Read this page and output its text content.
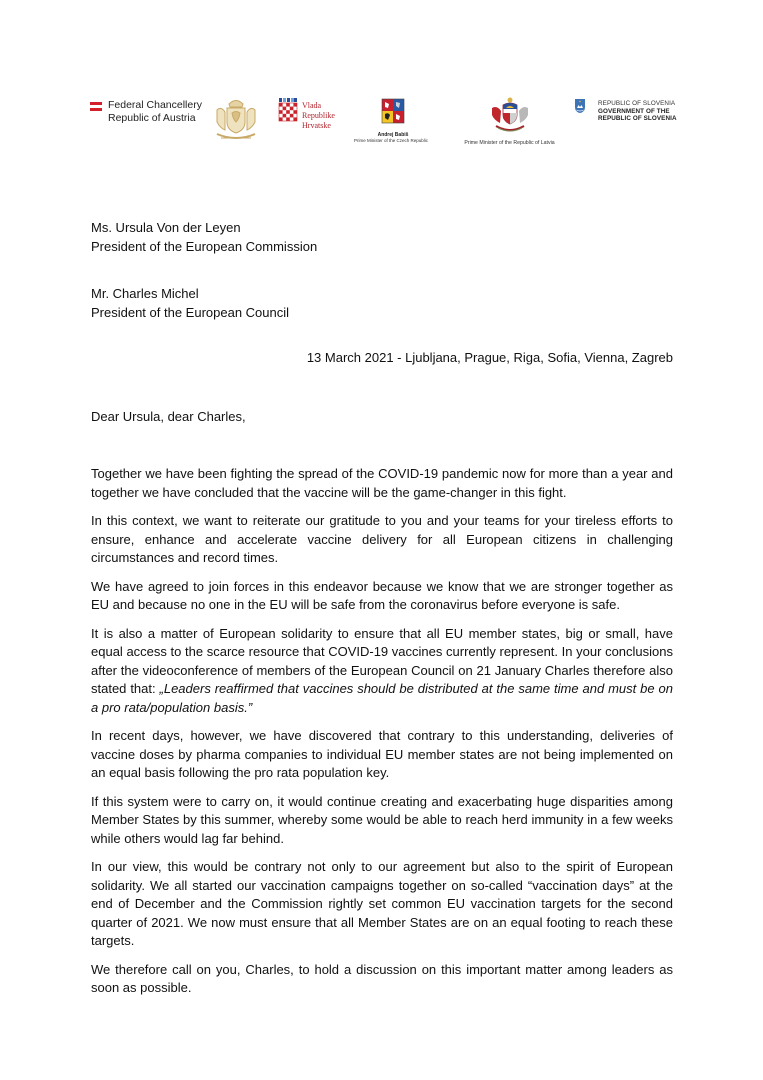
Federal Chancellery
Republic of Austria
Vlada
Republike
Hrvatske
Andrej Babiš
Prime Minister of the Czech Republic	Prime Minister of the Republic of Latvia
REPUBLIC OF SLOVENIA
GOVERNMENT OF THE
REPUBLIC OF SLOVENIA
Ms. Ursula Von der Leyen
President of the European Commission
Mr. Charles Michel
President of the European Council
13 March 2021 - Ljubljana, Prague, Riga, Sofia, Vienna, Zagreb
Dear Ursula, dear Charles,

Together we have been fighting the spread of the COVID-19 pandemic now for more than a year and together we have concluded that the vaccine will be the game-changer in this fight.

In this context, we want to reiterate our gratitude to you and your teams for your tireless efforts to ensure, enhance and accelerate vaccine delivery for all European citizens in challenging circumstances and record times.

We have agreed to join forces in this endeavor because we know that we are stronger together as EU and because no one in the EU will be safe from the coronavirus before everyone is safe.

It is also a matter of European solidarity to ensure that all EU member states, big or small, have equal access to the scarce resource that COVID-19 vaccines currently represent. In your conclusions after the videoconference of members of the European Council on 21 January Charles therefore also stated that: „Leaders reaffirmed that vaccines should be distributed at the same time and must be on a pro rata/population basis.”

In recent days, however, we have discovered that contrary to this understanding, deliveries of vaccine doses by pharma companies to individual EU member states are not being implemented on an equal basis following the pro rata population key.

If this system were to carry on, it would continue creating and exacerbating huge disparities among Member States by this summer, whereby some would be able to reach herd immunity in a few weeks while others would lag far behind.

In our view, this would be contrary not only to our agreement but also to the spirit of European solidarity. We all started our vaccination campaigns together on so-called “vaccination days” at the end of December and the Commission rightly set common EU vaccination targets for the second quarter of 2021. We now must ensure that all Member States are on an equal footing to reach these targets.

We therefore call on you, Charles, to hold a discussion on this important matter among leaders as soon as possible.
